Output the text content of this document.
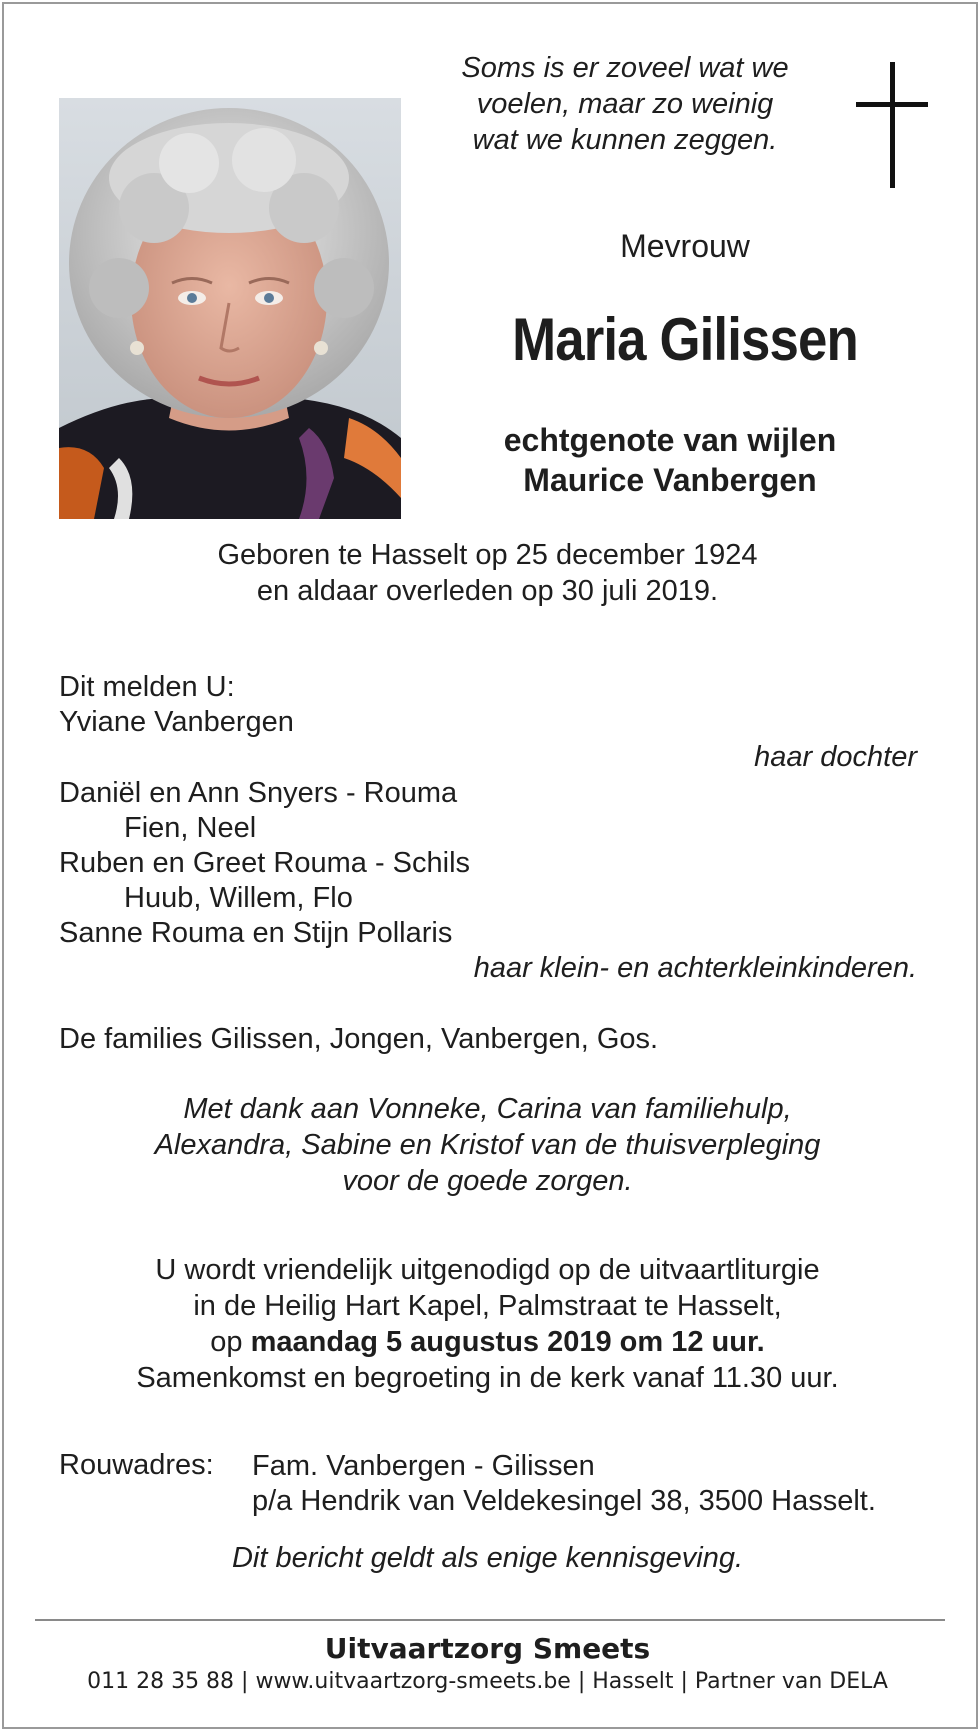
Soms is er zoveel wat we
voelen, maar zo weinig
wat we kunnen zeggen.
Mevrouw
Maria Gilissen
echtgenote van wijlen
Maurice Vanbergen
Geboren te Hasselt op 25 december 1924
en aldaar overleden op 30 juli 2019.
Dit melden U:
Yviane Vanbergen
haar dochter
Daniël en Ann Snyers - Rouma
Fien, Neel
Ruben en Greet Rouma - Schils
Huub, Willem, Flo
Sanne Rouma en Stijn Pollaris
haar klein- en achterkleinkinderen.
De families Gilissen, Jongen, Vanbergen, Gos.
Met dank aan Vonneke, Carina van familiehulp,
Alexandra, Sabine en Kristof van de thuisverpleging
voor de goede zorgen.
U wordt vriendelijk uitgenodigd op de uitvaartliturgie
in de Heilig Hart Kapel, Palmstraat te Hasselt,
op maandag 5 augustus 2019 om 12 uur.
Samenkomst en begroeting in de kerk vanaf 11.30 uur.
Rouwadres: Fam. Vanbergen - Gilissen
p/a Hendrik van Veldekesingel 38, 3500 Hasselt.
Dit bericht geldt als enige kennisgeving.
Uitvaartzorg Smeets
011 28 35 88 | www.uitvaartzorg-smeets.be | Hasselt | Partner van DELA
